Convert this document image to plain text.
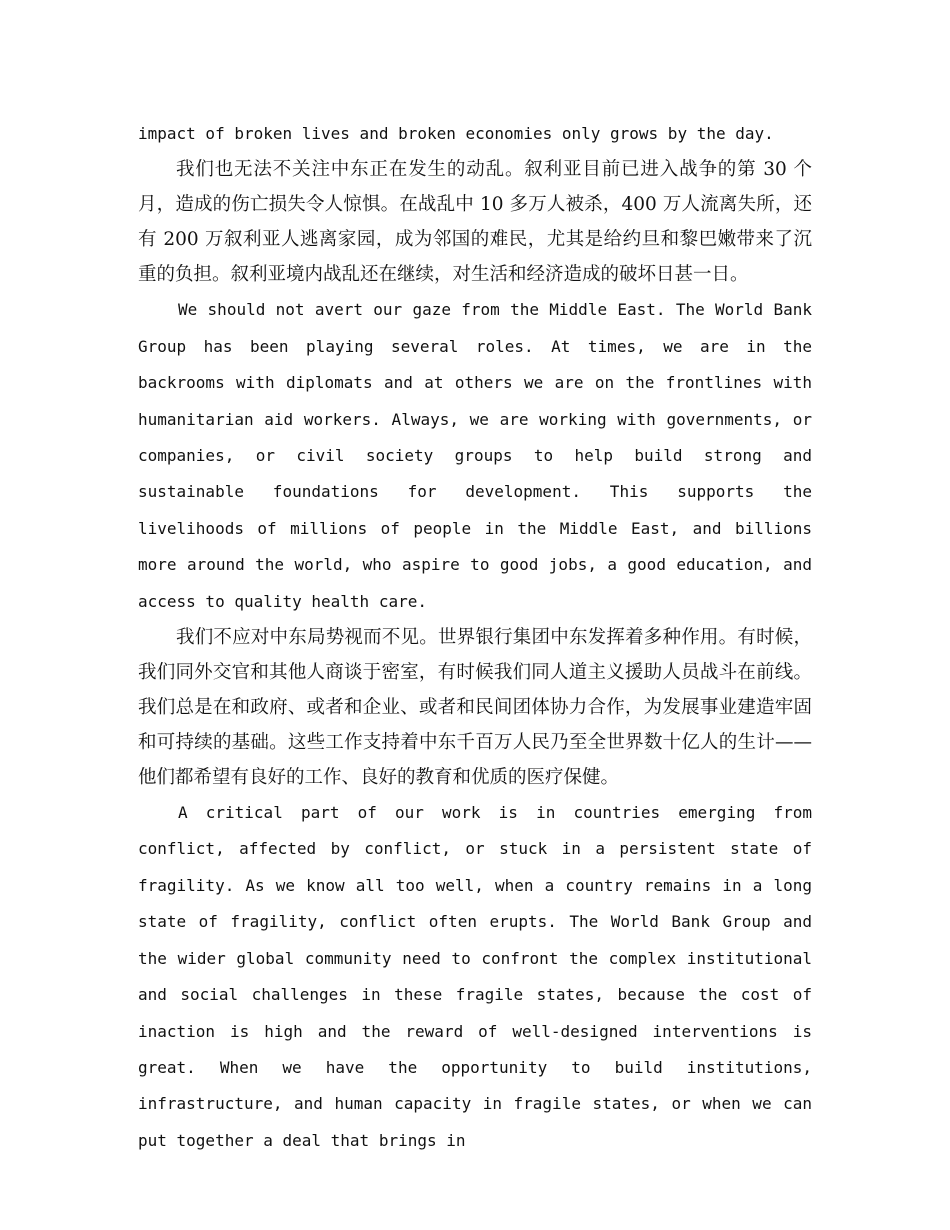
impact of broken lives and broken economies only grows by the day.

我们也无法不关注中东正在发生的动乱。叙利亚目前已进入战争的第 30 个月，造成的伤亡损失令人惊惧。在战乱中 10 多万人被杀，400 万人流离失所，还有 200 万叙利亚人逃离家园，成为邻国的难民，尤其是给约旦和黎巴嫩带来了沉重的负担。叙利亚境内战乱还在继续，对生活和经济造成的破坏日甚一日。

We should not avert our gaze from the Middle East. The World Bank Group has been playing several roles. At times, we are in the backrooms with diplomats and at others we are on the frontlines with humanitarian aid workers. Always, we are working with governments, or companies, or civil society groups to help build strong and sustainable foundations for development. This supports the livelihoods of millions of people in the Middle East, and billions more around the world, who aspire to good jobs, a good education, and access to quality health care.

我们不应对中东局势视而不见。世界银行集团中东发挥着多种作用。有时候，我们同外交官和其他人商谈于密室，有时候我们同人道主义援助人员战斗在前线。我们总是在和政府、或者和企业、或者和民间团体协力合作，为发展事业建造牢固和可持续的基础。这些工作支持着中东千百万人民乃至全世界数十亿人的生计——他们都希望有良好的工作、良好的教育和优质的医疗保健。

A critical part of our work is in countries emerging from conflict, affected by conflict, or stuck in a persistent state of fragility. As we know all too well, when a country remains in a long state of fragility, conflict often erupts. The World Bank Group and the wider global community need to confront the complex institutional and social challenges in these fragile states, because the cost of inaction is high and the reward of well-designed interventions is great. When we have the opportunity to build institutions, infrastructure, and human capacity in fragile states, or when we can put together a deal that brings in
